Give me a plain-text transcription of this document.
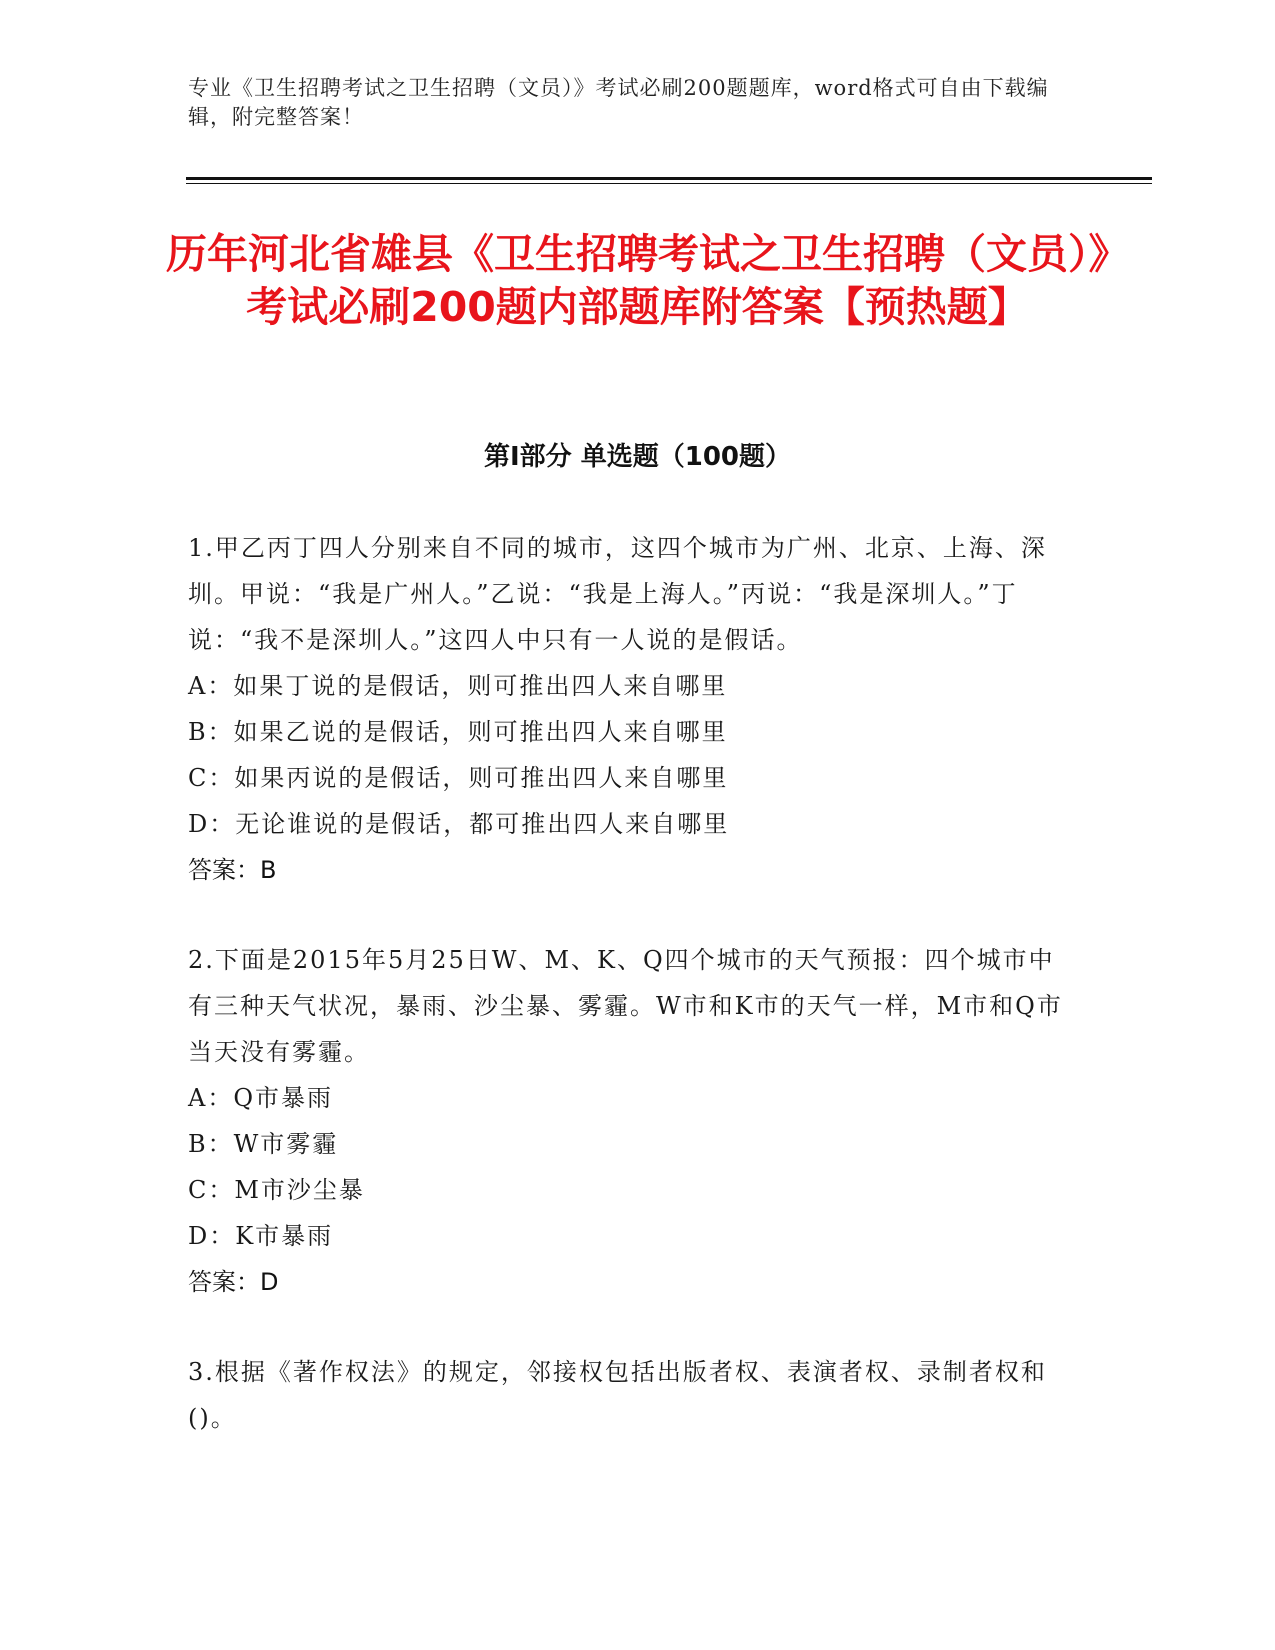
专业《卫生招聘考试之卫生招聘（文员）》考试必刷200题题库，word格式可自由下载编辑，附完整答案！
历年河北省雄县《卫生招聘考试之卫生招聘（文员）》考试必刷200题内部题库附答案【预热题】
第Ⅰ部分 单选题（100题）

1.甲乙丙丁四人分别来自不同的城市，这四个城市为广州、北京、上海、深圳。甲说：“我是广州人。”乙说：“我是上海人。”丙说：“我是深圳人。”丁说：“我不是深圳人。”这四人中只有一人说的是假话。

A：如果丁说的是假话，则可推出四人来自哪里

B：如果乙说的是假话，则可推出四人来自哪里

C：如果丙说的是假话，则可推出四人来自哪里

D：无论谁说的是假话，都可推出四人来自哪里

答案：B

2.下面是2015年5月25日W、M、K、Q四个城市的天气预报：四个城市中有三种天气状况，暴雨、沙尘暴、雾霾。W市和K市的天气一样，M市和Q市当天没有雾霾。

A：Q市暴雨

B：W市雾霾

C：M市沙尘暴

D：K市暴雨

答案：D

3.根据《著作权法》的规定，邻接权包括出版者权、表演者权、录制者权和()。
